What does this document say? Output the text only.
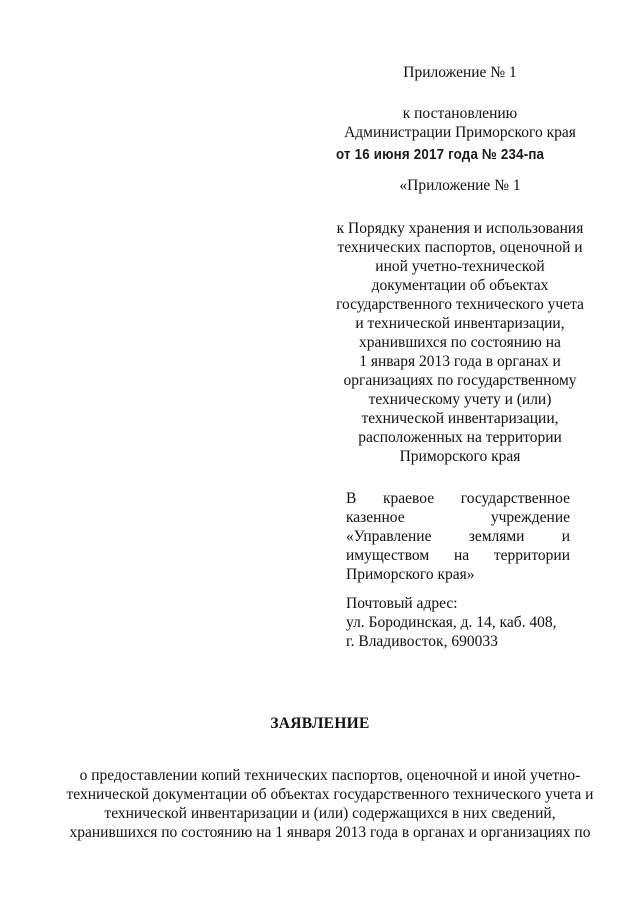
Приложение № 1
к постановлению
Администрации Приморского края
от 16 июня 2017 года № 234-па
«Приложение № 1
к Порядку хранения и использования
технических паспортов, оценочной и
иной учетно-технической
документации об объектах
государственного технического учета
и технической инвентаризации,
хранившихся по состоянию на
1 января 2013 года в органах и
организациях по государственному
техническому учету и (или)
технической инвентаризации,
расположенных на территории
Приморского края
В краевое государственное
казенное учреждение
«Управление землями и
имуществом на территории
Приморского края»
Почтовый адрес:
ул. Бородинская, д. 14, каб. 408,
г. Владивосток, 690033
ЗАЯВЛЕНИЕ
о предоставлении копий технических паспортов, оценочной и иной учетно-
технической документации об объектах государственного технического учета и
технической инвентаризации и (или) содержащихся в них сведений,
хранившихся по состоянию на 1 января 2013 года в органах и организациях по
